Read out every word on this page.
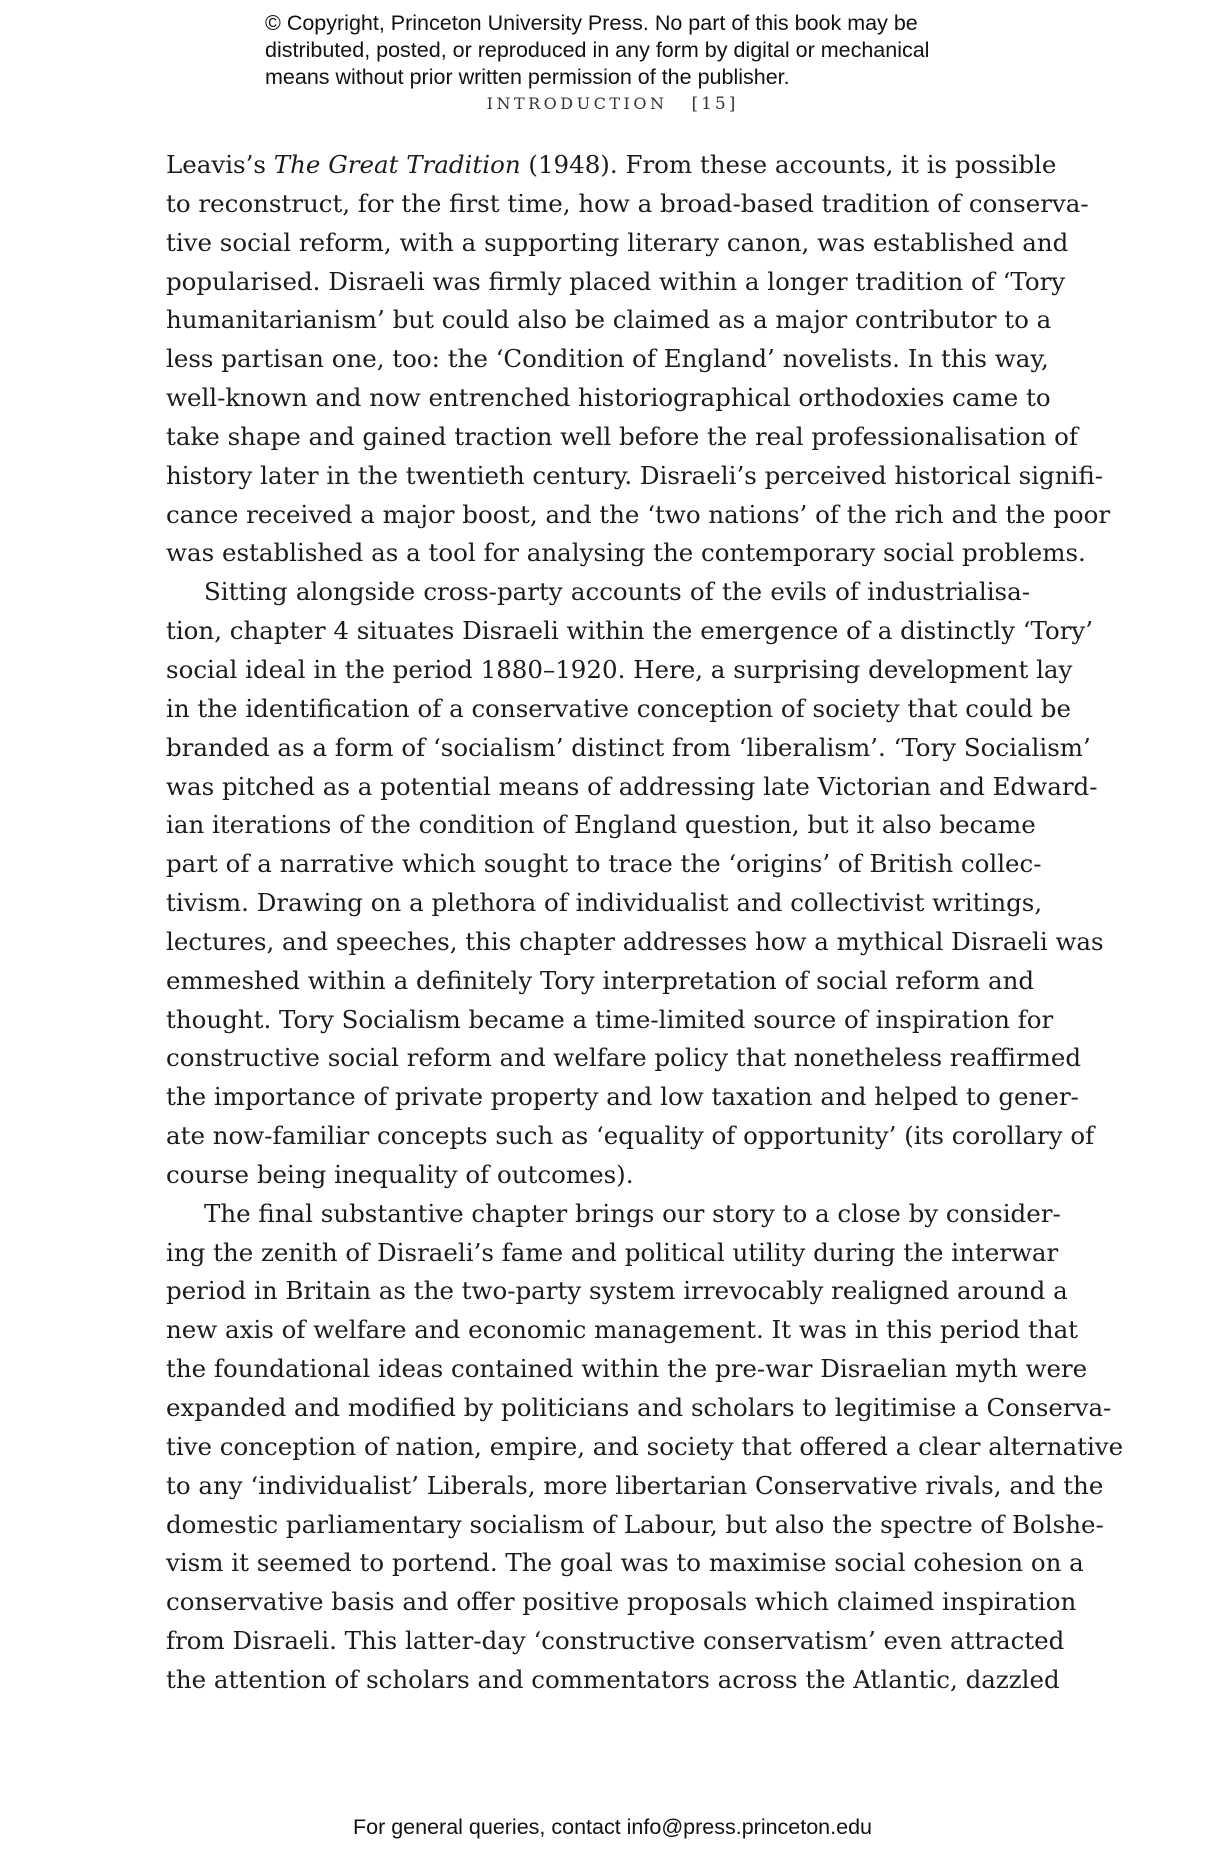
© Copyright, Princeton University Press. No part of this book may be
distributed, posted, or reproduced in any form by digital or mechanical
means without prior written permission of the publisher.
INTRODUCTION [15]
Leavis’s The Great Tradition (1948). From these accounts, it is possible
to reconstruct, for the first time, how a broad-based tradition of conserva-
tive social reform, with a supporting literary canon, was established and
popularised. Disraeli was firmly placed within a longer tradition of ‘Tory
humanitarianism’ but could also be claimed as a major contributor to a
less partisan one, too: the ‘Condition of England’ novelists. In this way,
well-known and now entrenched historiographical orthodoxies came to
take shape and gained traction well before the real professionalisation of
history later in the twentieth century. Disraeli’s perceived historical signifi-
cance received a major boost, and the ‘two nations’ of the rich and the poor
was established as a tool for analysing the contemporary social problems.
Sitting alongside cross-party accounts of the evils of industrialisa-
tion, chapter 4 situates Disraeli within the emergence of a distinctly ‘Tory’
social ideal in the period 1880–1920. Here, a surprising development lay
in the identification of a conservative conception of society that could be
branded as a form of ‘socialism’ distinct from ‘liberalism’. ‘Tory Socialism’
was pitched as a potential means of addressing late Victorian and Edward-
ian iterations of the condition of England question, but it also became
part of a narrative which sought to trace the ‘origins’ of British collec-
tivism. Drawing on a plethora of individualist and collectivist writings,
lectures, and speeches, this chapter addresses how a mythical Disraeli was
emmeshed within a definitely Tory interpretation of social reform and
thought. Tory Socialism became a time-limited source of inspiration for
constructive social reform and welfare policy that nonetheless reaffirmed
the importance of private property and low taxation and helped to gener-
ate now-familiar concepts such as ‘equality of opportunity’ (its corollary of
course being inequality of outcomes).
The final substantive chapter brings our story to a close by consider-
ing the zenith of Disraeli’s fame and political utility during the interwar
period in Britain as the two-party system irrevocably realigned around a
new axis of welfare and economic management. It was in this period that
the foundational ideas contained within the pre-war Disraelian myth were
expanded and modified by politicians and scholars to legitimise a Conserva-
tive conception of nation, empire, and society that offered a clear alternative
to any ‘individualist’ Liberals, more libertarian Conservative rivals, and the
domestic parliamentary socialism of Labour, but also the spectre of Bolshe-
vism it seemed to portend. The goal was to maximise social cohesion on a
conservative basis and offer positive proposals which claimed inspiration
from Disraeli. This latter-day ‘constructive conservatism’ even attracted
the attention of scholars and commentators across the Atlantic, dazzled
For general queries, contact info@press.princeton.edu
